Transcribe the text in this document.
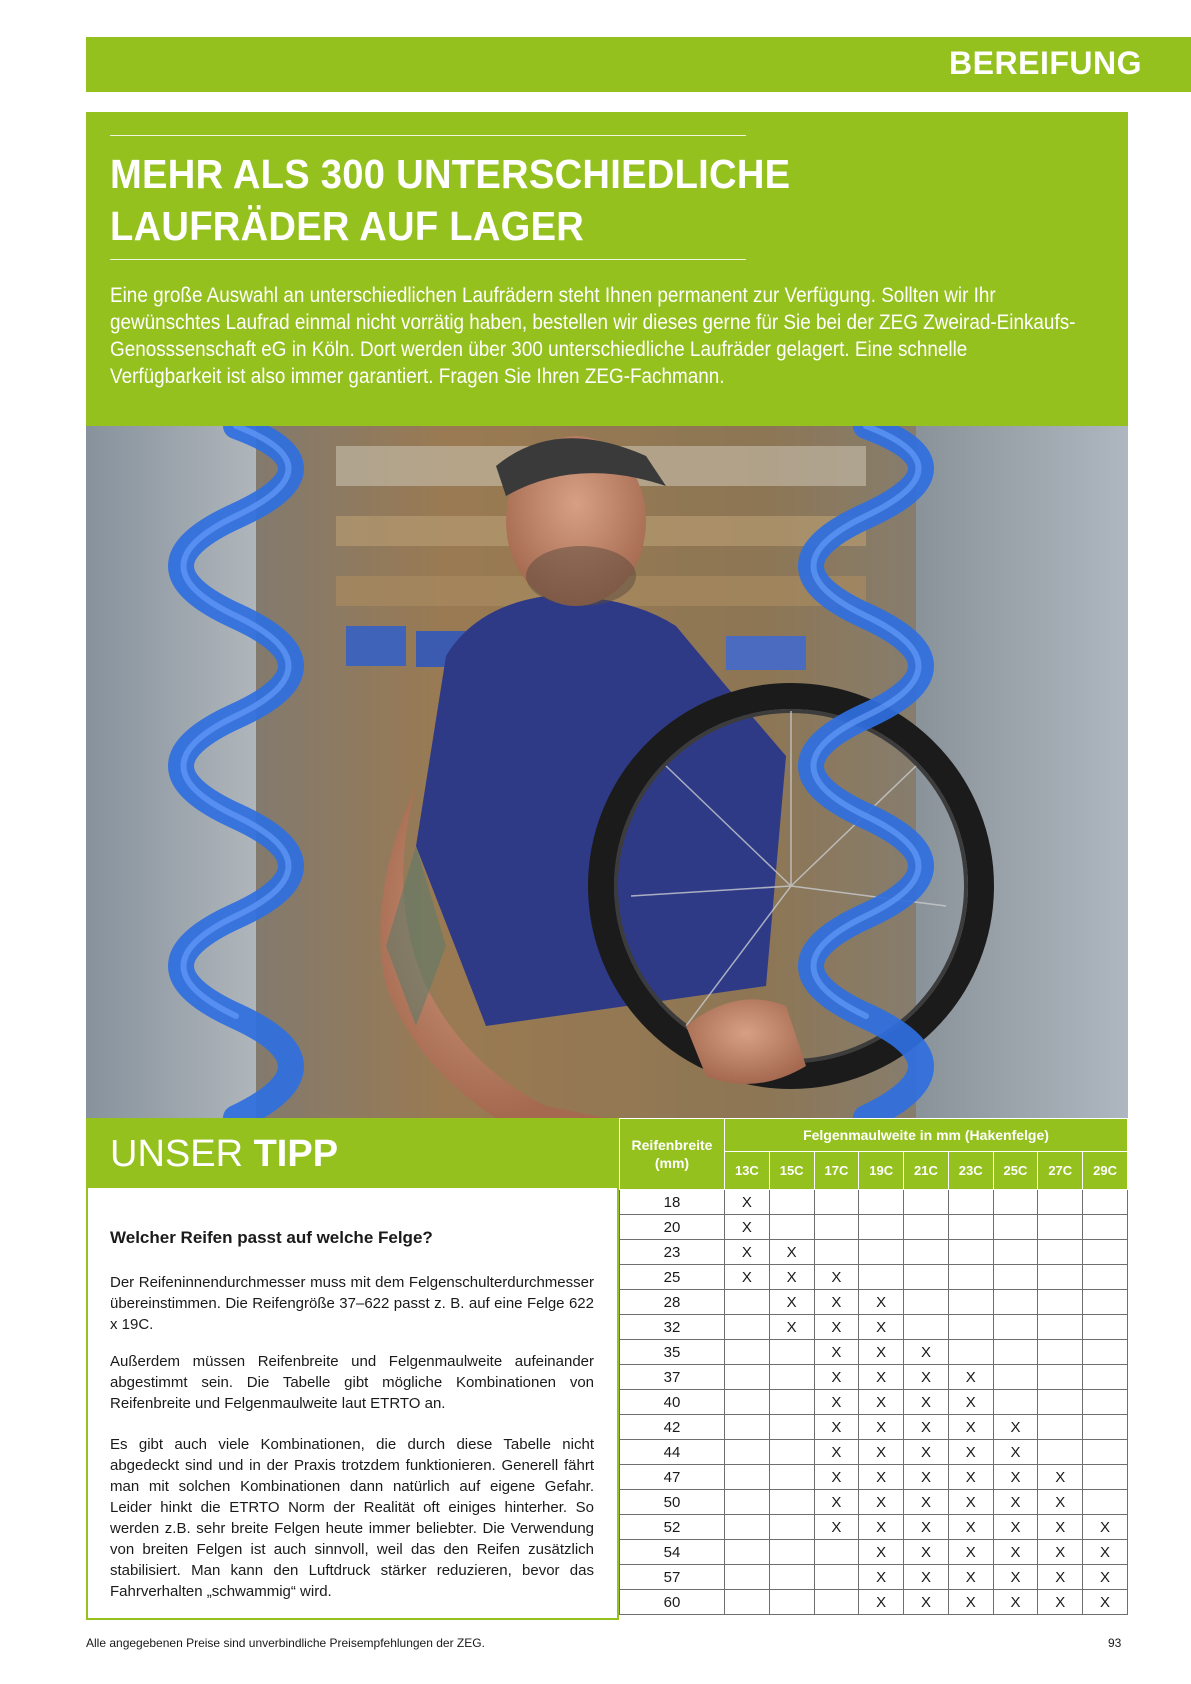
BEREIFUNG
MEHR ALS 300 UNTERSCHIEDLICHE
LAUFRÄDER AUF LAGER

Eine große Auswahl an unterschiedlichen Laufrädern steht Ihnen permanent zur Verfügung. Sollten wir Ihr gewünschtes Laufrad einmal nicht vorrätig haben, bestellen wir dieses gerne für Sie bei der ZEG Zweirad-Einkaufs-Genosssenschaft eG in Köln. Dort werden über 300 unterschiedliche Laufräder gelagert. Eine schnelle Verfügbarkeit ist also immer garantiert. Fragen Sie Ihren ZEG-Fachmann.

UNSER TIPP
Welcher Reifen passt auf welche Felge?

Der Reifeninnendurchmesser muss mit dem Felgenschulterdurchmesser übereinstimmen. Die Reifengröße 37–622 passt z. B. auf eine Felge 622 x 19C.

Außerdem müssen Reifenbreite und Felgenmaulweite aufeinander abgestimmt sein. Die Tabelle gibt mögliche Kombinationen von Reifenbreite und Felgenmaulweite laut ETRTO an.

Es gibt auch viele Kombinationen, die durch diese Tabelle nicht abgedeckt sind und in der Praxis trotzdem funktionieren. Generell fährt man mit solchen Kombinationen dann natürlich auf eigene Gefahr. Leider hinkt die ETRTO Norm der Realität oft einiges hinterher. So werden z.B. sehr breite Felgen heute immer beliebter. Die Verwendung von breiten Felgen ist auch sinnvoll, weil das den Reifen zusätzlich stabilisiert. Man kann den Luftdruck stärker reduzieren, bevor das Fahrverhalten „schwammig“ wird.

Reifenbreite
(mm)	Felgenmaulweite in mm (Hakenfelge)								
	13C	15C	17C	19C	21C	23C	25C	27C	29C
18	X								
20	X								
23	X	X							
25	X	X	X						
28		X	X	X					
32		X	X	X					
35			X	X	X				
37			X	X	X	X			
40			X	X	X	X			
42			X	X	X	X	X		
44			X	X	X	X	X		
47			X	X	X	X	X	X	
50			X	X	X	X	X	X	
52			X	X	X	X	X	X	X
54				X	X	X	X	X	X
57				X	X	X	X	X	X
60				X	X	X	X	X	X
Alle angegebenen Preise sind unverbindliche Preisempfehlungen der ZEG.	93
